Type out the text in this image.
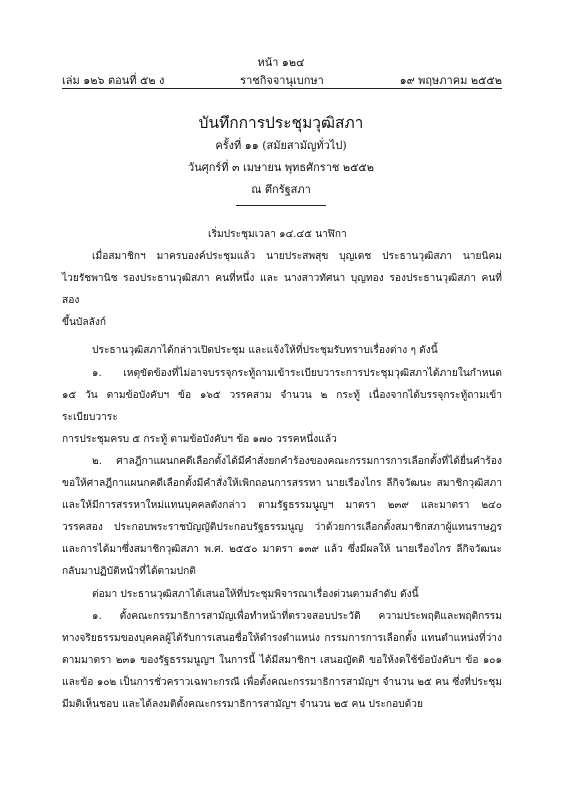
หน้า ๑๒๔
เล่ม ๑๒๖ ตอนที่ ๕๒ ง	ราชกิจจานุเบกษา	๑๙ พฤษภาคม ๒๕๕๒
บันทึกการประชุมวุฒิสภา
ครั้งที่ ๑๑ (สมัยสามัญทั่วไป)
วันศุกร์ที่ ๓ เมษายน พุทธศักราช ๒๕๕๒
ณ ตึกรัฐสภา

เริ่มประชุมเวลา ๑๔.๔๕ นาฬิกา

เมื่อสมาชิกฯ มาครบองค์ประชุมแล้ว นายประสพสุข บุญเดช ประธานวุฒิสภา นายนิคม

ไวยรัชพานิช รองประธานวุฒิสภา คนที่หนึ่ง และ นางสาวทัศนา บุญทอง รองประธานวุฒิสภา คนที่สอง

ขึ้นบัลลังก์

ประธานวุฒิสภาได้กล่าวเปิดประชุม และแจ้งให้ที่ประชุมรับทราบเรื่องต่าง ๆ ดังนี้

๑. เหตุขัดข้องที่ไม่อาจบรรจุกระทู้ถามเข้าระเบียบวาระการประชุมวุฒิสภาได้ภายในกำหนด

๑๕ วัน ตามข้อบังคับฯ ข้อ ๑๖๕ วรรคสาม จำนวน ๒ กระทู้ เนื่องจากได้บรรจุกระทู้ถามเข้าระเบียบวาระ

การประชุมครบ ๕ กระทู้ ตามข้อบังคับฯ ข้อ ๑๗๐ วรรคหนึ่งแล้ว

๒. ศาลฎีกาแผนกคดีเลือกตั้งได้มีคำสั่งยกคำร้องของคณะกรรมการการเลือกตั้งที่ได้ยื่นคำร้อง

ขอให้ศาลฎีกาแผนกคดีเลือกตั้งมีคำสั่งให้เพิกถอนการสรรหา นายเรืองไกร ลีกิจวัฒนะ สมาชิกวุฒิสภา

และให้มีการสรรหาใหม่แทนบุคคลดังกล่าว ตามรัฐธรรมนูญฯ มาตรา ๒๓๙ และมาตรา ๒๔๐

วรรคสอง ประกอบพระราชบัญญัติประกอบรัฐธรรมนูญ ว่าด้วยการเลือกตั้งสมาชิกสภาผู้แทนราษฎร

และการได้มาซึ่งสมาชิกวุฒิสภา พ.ศ. ๒๕๕๐ มาตรา ๑๓๙ แล้ว ซึ่งมีผลให้ นายเรืองไกร ลีกิจวัฒนะ

กลับมาปฏิบัติหน้าที่ได้ตามปกติ

ต่อมา ประธานวุฒิสภาได้เสนอให้ที่ประชุมพิจารณาเรื่องด่วนตามลำดับ ดังนี้

๑. ตั้งคณะกรรมาธิการสามัญเพื่อทำหน้าที่ตรวจสอบประวัติ ความประพฤติและพฤติกรรม

ทางจริยธรรมของบุคคลผู้ได้รับการเสนอชื่อให้ดำรงตำแหน่ง กรรมการการเลือกตั้ง แทนตำแหน่งที่ว่าง

ตามมาตรา ๒๓๑ ของรัฐธรรมนูญฯ ในการนี้ ได้มีสมาชิกฯ เสนอญัตติ ขอให้งดใช้ข้อบังคับฯ ข้อ ๑๐๑

และข้อ ๑๐๒ เป็นการชั่วคราวเฉพาะกรณี เพื่อตั้งคณะกรรมาธิการสามัญฯ จำนวน ๒๕ คน ซึ่งที่ประชุม

มีมติเห็นชอบ และได้ลงมติตั้งคณะกรรมาธิการสามัญฯ จำนวน ๒๕ คน ประกอบด้วย
